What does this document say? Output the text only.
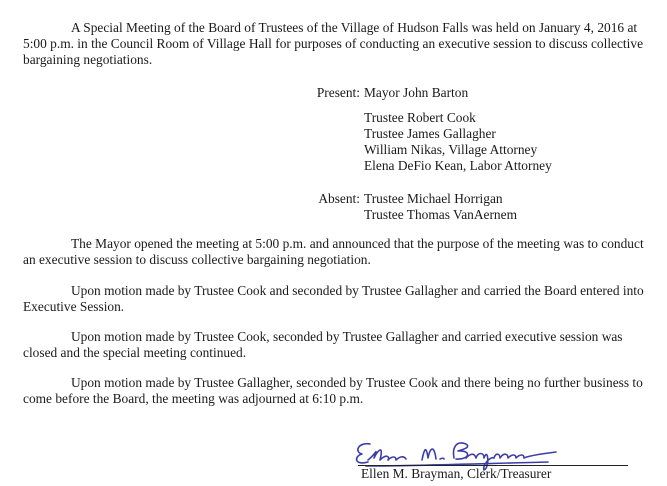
A Special Meeting of the Board of Trustees of the Village of Hudson Falls was held on January 4, 2016 at 5:00 p.m. in the Council Room of Village Hall for purposes of conducting an executive session to discuss collective bargaining negotiations.

Present: Mayor John Barton
Trustee Robert Cook
Trustee James Gallagher
William Nikas, Village Attorney
Elena DeFio Kean, Labor Attorney
Absent: Trustee Michael Horrigan
Trustee Thomas VanAernem

The Mayor opened the meeting at 5:00 p.m. and announced that the purpose of the meeting was to conduct an executive session to discuss collective bargaining negotiation.

Upon motion made by Trustee Cook and seconded by Trustee Gallagher and carried the Board entered into Executive Session.

Upon motion made by Trustee Cook, seconded by Trustee Gallagher and carried executive session was closed and the special meeting continued.

Upon motion made by Trustee Gallagher, seconded by Trustee Cook and there being no further business to come before the Board, the meeting was adjourned at 6:10 p.m.

Ellen M. Brayman, Clerk/Treasurer
